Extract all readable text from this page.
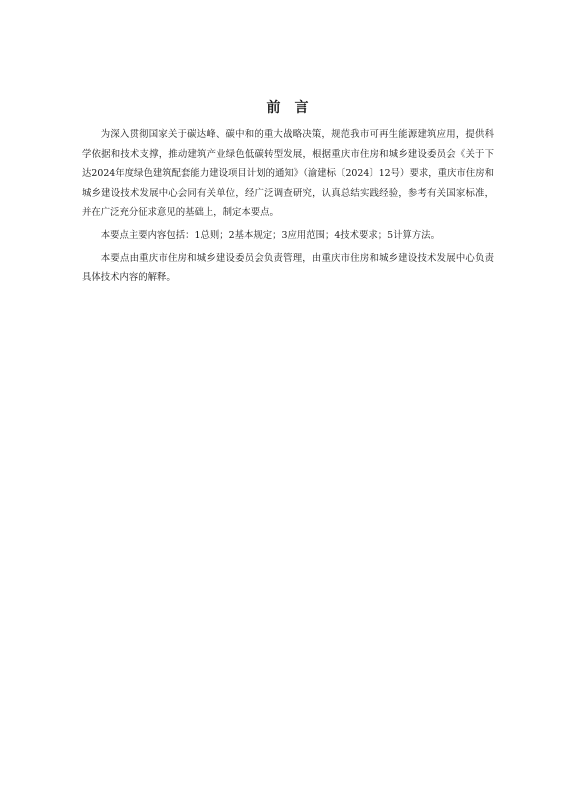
前言

为深入贯彻国家关于碳达峰、碳中和的重大战略决策，规范我市可再生能源建筑应用，提供科学依据和技术支撑，推动建筑产业绿色低碳转型发展，根据重庆市住房和城乡建设委员会《关于下达2024年度绿色建筑配套能力建设项目计划的通知》（渝建标〔2024〕12号）要求，重庆市住房和城乡建设技术发展中心会同有关单位，经广泛调查研究，认真总结实践经验，参考有关国家标准，并在广泛充分征求意见的基础上，制定本要点。

本要点主要内容包括：1总则；2基本规定；3应用范围；4技术要求；5计算方法。

本要点由重庆市住房和城乡建设委员会负责管理，由重庆市住房和城乡建设技术发展中心负责具体技术内容的解释。
